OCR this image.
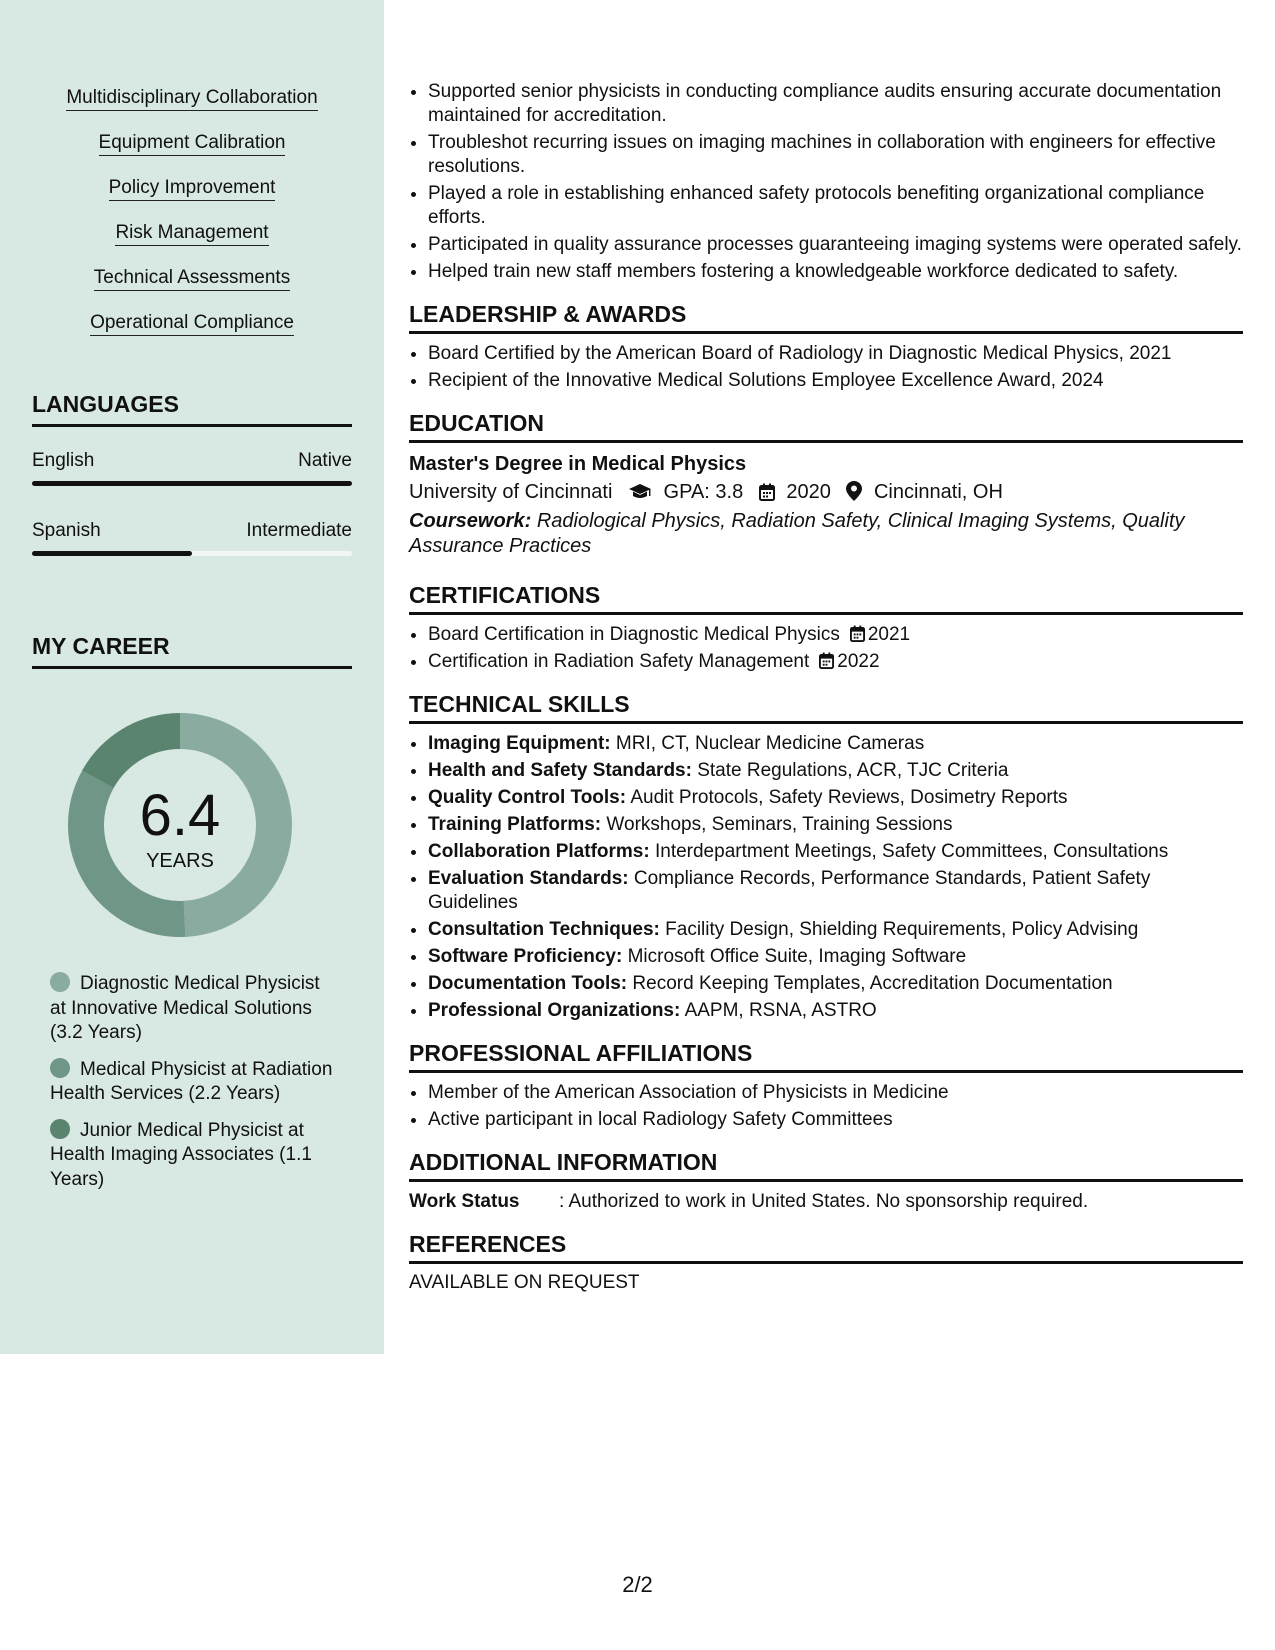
Multidisciplinary Collaboration
Equipment Calibration
Policy Improvement
Risk Management
Technical Assessments
Operational Compliance
LANGUAGES
English	Native
Spanish	Intermediate
MY CAREER
6.4
YEARS
Diagnostic Medical Physicist at Innovative Medical Solutions (3.2 Years)
Medical Physicist at Radiation Health Services (2.2 Years)
Junior Medical Physicist at Health Imaging Associates (1.1 Years)
• Supported senior physicists in conducting compliance audits ensuring accurate documentation maintained for accreditation.
• Troubleshot recurring issues on imaging machines in collaboration with engineers for effective resolutions.
• Played a role in establishing enhanced safety protocols benefiting organizational compliance efforts.
• Participated in quality assurance processes guaranteeing imaging systems were operated safely.
• Helped train new staff members fostering a knowledgeable workforce dedicated to safety.
LEADERSHIP & AWARDS
• Board Certified by the American Board of Radiology in Diagnostic Medical Physics, 2021
• Recipient of the Innovative Medical Solutions Employee Excellence Award, 2024
EDUCATION
Master's Degree in Medical Physics
University of Cincinnati	GPA: 3.8 2020 Cincinnati, OH
Coursework: Radiological Physics, Radiation Safety, Clinical Imaging Systems, Quality Assurance Practices
CERTIFICATIONS
• Board Certification in Diagnostic Medical Physics 2021
• Certification in Radiation Safety Management 2022
TECHNICAL SKILLS
• Imaging Equipment: MRI, CT, Nuclear Medicine Cameras
• Health and Safety Standards: State Regulations, ACR, TJC Criteria
• Quality Control Tools: Audit Protocols, Safety Reviews, Dosimetry Reports
• Training Platforms: Workshops, Seminars, Training Sessions
• Collaboration Platforms: Interdepartment Meetings, Safety Committees, Consultations
• Evaluation Standards: Compliance Records, Performance Standards, Patient Safety Guidelines
• Consultation Techniques: Facility Design, Shielding Requirements, Policy Advising
• Software Proficiency: Microsoft Office Suite, Imaging Software
• Documentation Tools: Record Keeping Templates, Accreditation Documentation
• Professional Organizations: AAPM, RSNA, ASTRO
PROFESSIONAL AFFILIATIONS
• Member of the American Association of Physicists in Medicine
• Active participant in local Radiology Safety Committees
ADDITIONAL INFORMATION
Work Status : Authorized to work in United States. No sponsorship required.
REFERENCES
AVAILABLE ON REQUEST
2/2
